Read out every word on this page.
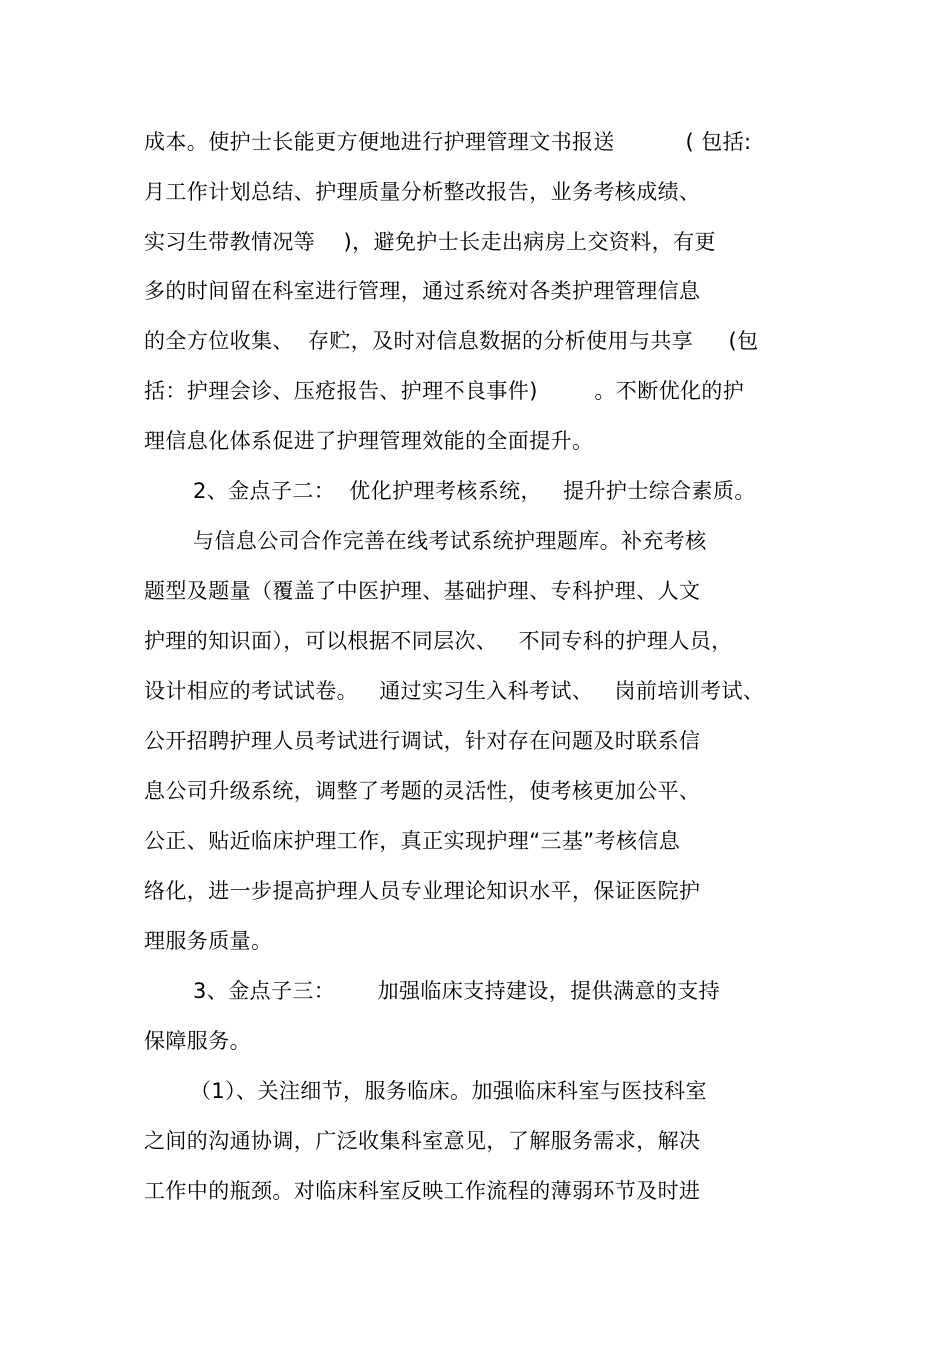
成本。使护士长能更方便地进行护理管理文书报送          ( 包括:
月工作计划总结、护理质量分析整改报告，业务考核成绩、
实习生带教情况等    )，避免护士长走出病房上交资料，有更
多的时间留在科室进行管理，通过系统对各类护理管理信息
的全方位收集、  存贮，及时对信息数据的分析使用与共享     (包
括：护理会诊、压疮报告、护理不良事件)        。不断优化的护
理信息化体系促进了护理管理效能的全面提升。
2、金点子二：  优化护理考核系统，   提升护士综合素质。
与信息公司合作完善在线考试系统护理题库。补充考核
题型及题量（覆盖了中医护理、基础护理、专科护理、人文
护理的知识面），可以根据不同层次、   不同专科的护理人员，
设计相应的考试试卷。   通过实习生入科考试、   岗前培训考试、
公开招聘护理人员考试进行调试，针对存在问题及时联系信
息公司升级系统，调整了考题的灵活性，使考核更加公平、
公正、贴近临床护理工作，真正实现护理“三基”考核信息
络化，进一步提高护理人员专业理论知识水平，保证医院护
理服务质量。
3、金点子三：      加强临床支持建设，提供满意的支持
保障服务。
（1）、关注细节，服务临床。加强临床科室与医技科室
之间的沟通协调，广泛收集科室意见，了解服务需求，解决
工作中的瓶颈。对临床科室反映工作流程的薄弱环节及时进
